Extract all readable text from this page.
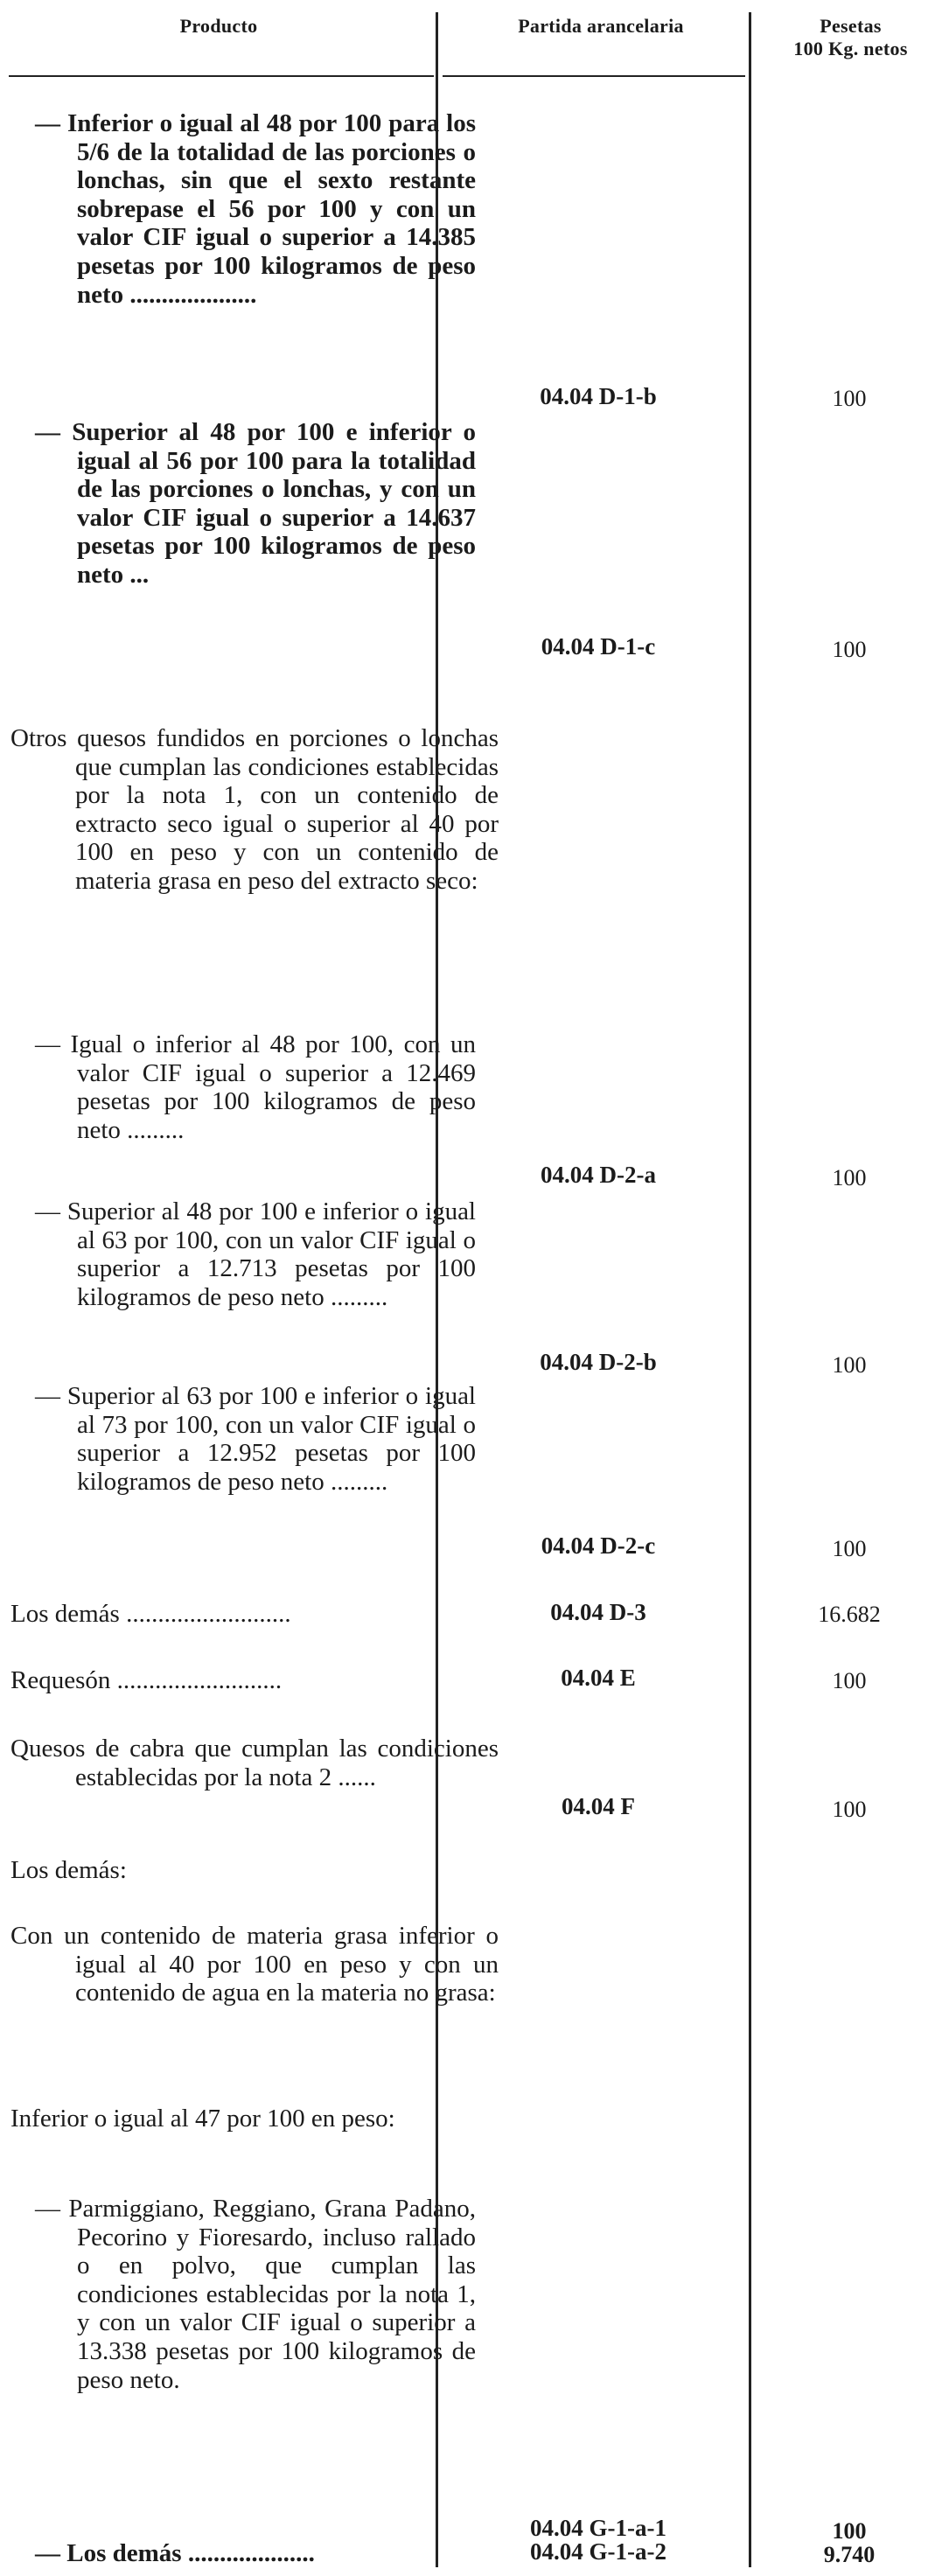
Producto	Partida arancelaria	Pesetas
100 Kg. netos
— Inferior o igual al 48 por 100 para los 5/6 de la totalidad de las porciones o lonchas, sin que el sexto restante sobrepase el 56 por 100 y con un valor CIF igual o superior a 14.385 pesetas por 100 kilogramos de peso neto ....................
04.04 D-1-b	100
— Superior al 48 por 100 e inferior o igual al 56 por 100 para la totalidad de las porciones o lonchas, y con un valor CIF igual o superior a 14.637 pesetas por 100 kilogramos de peso neto ...
04.04 D-1-c	100
Otros quesos fundidos en porciones o lonchas que cumplan las condiciones establecidas por la nota 1, con un contenido de extracto seco igual o superior al 40 por 100 en peso y con un contenido de materia grasa en peso del extracto seco:
— Igual o inferior al 48 por 100, con un valor CIF igual o superior a 12.469 pesetas por 100 kilogramos de peso neto .........
04.04 D-2-a	100
— Superior al 48 por 100 e inferior o igual al 63 por 100, con un valor CIF igual o superior a 12.713 pesetas por 100 kilogramos de peso neto .........
04.04 D-2-b	100
— Superior al 63 por 100 e inferior o igual al 73 por 100, con un valor CIF igual o superior a 12.952 pesetas por 100 kilogramos de peso neto .........
04.04 D-2-c	100
Los demás ..........................	04.04 D-3	16.682
Requesón ..........................	04.04 E	100
Quesos de cabra que cumplan las condiciones establecidas por la nota 2 ......
04.04 F	100
Los demás:
Con un contenido de materia grasa inferior o igual al 40 por 100 en peso y con un contenido de agua en la materia no grasa:
Inferior o igual al 47 por 100 en peso:
— Parmiggiano, Reggiano, Grana Padano, Pecorino y Fioresardo, incluso rallado o en polvo, que cumplan las condiciones establecidas por la nota 1, y con un valor CIF igual o superior a 13.338 pesetas por 100 kilogramos de peso neto.
04.04 G-1-a-1	100
— Los demás ....................	04.04 G-1-a-2	9.740
